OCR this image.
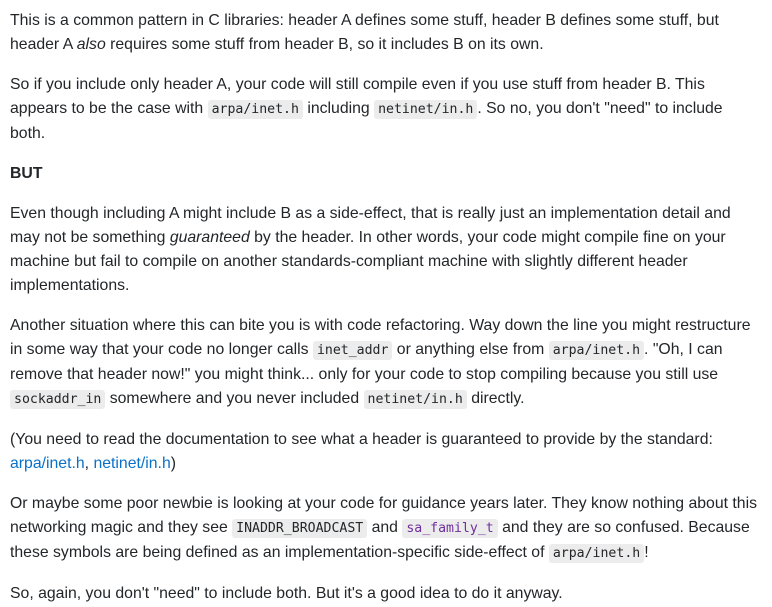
This is a common pattern in C libraries: header A defines some stuff, header B defines some stuff, but header A also requires some stuff from header B, so it includes B on its own.

So if you include only header A, your code will still compile even if you use stuff from header B. This appears to be the case with arpa/inet.h including netinet/in.h . So no, you don't "need" to include both.

BUT

Even though including A might include B as a side-effect, that is really just an implementation detail and may not be something guaranteed by the header. In other words, your code might compile fine on your machine but fail to compile on another standards-compliant machine with slightly different header implementations.

Another situation where this can bite you is with code refactoring. Way down the line you might restructure in some way that your code no longer calls inet_addr or anything else from arpa/inet.h . "Oh, I can remove that header now!" you might think... only for your code to stop compiling because you still use sockaddr_in somewhere and you never included netinet/in.h directly.

(You need to read the documentation to see what a header is guaranteed to provide by the standard: arpa/inet.h, netinet/in.h)

Or maybe some poor newbie is looking at your code for guidance years later. They know nothing about this networking magic and they see INADDR_BROADCAST and sa_family_t and they are so confused. Because these symbols are being defined as an implementation-specific side-effect of arpa/inet.h !

So, again, you don't "need" to include both. But it's a good idea to do it anyway.
